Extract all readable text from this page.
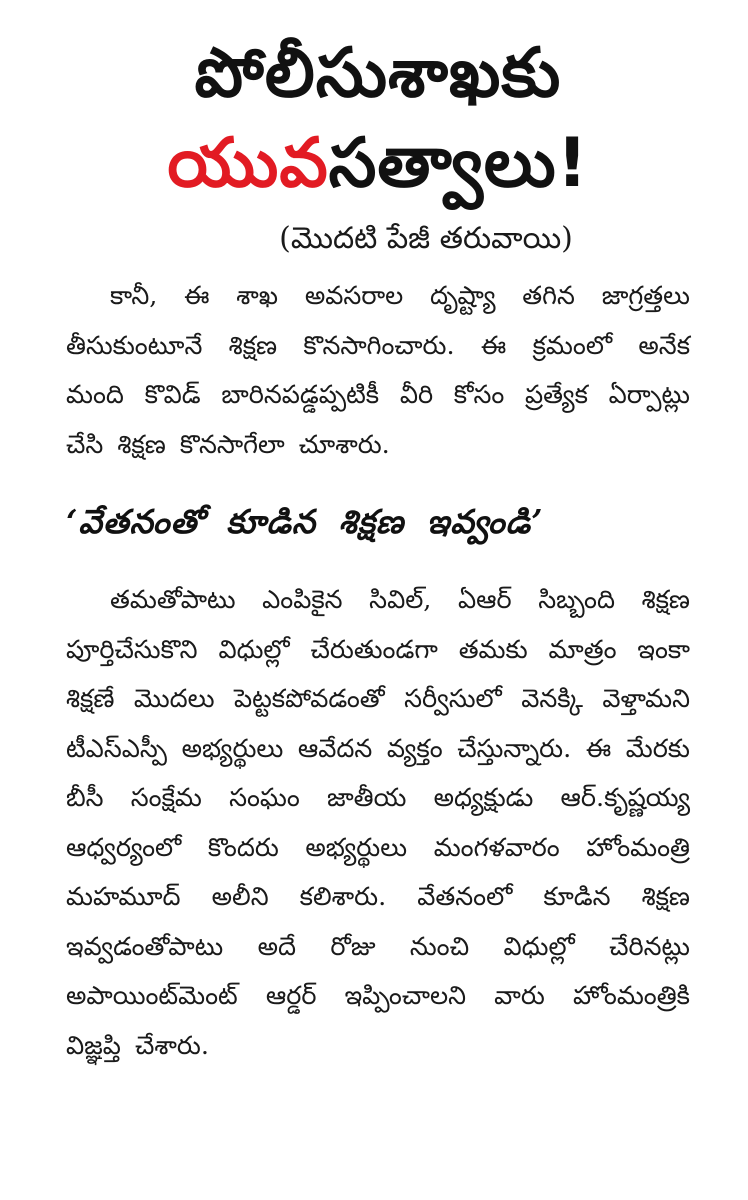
పోలీసుశాఖకు
యువసత్వాలు!
(మొదటి పేజీ తరువాయి)

కానీ, ఈ శాఖ అవసరాల దృష్ట్యా తగిన జాగ్రత్తలు తీసుకుంటూనే శిక్షణ కొనసాగించారు. ఈ క్రమంలో అనేక మంది కొవిడ్ బారినపడ్డప్పటికీ వీరి కోసం ప్రత్యేక ఏర్పాట్లు చేసి శిక్షణ కొనసాగేలా చూశారు.

‘వేతనంతో కూడిన శిక్షణ ఇవ్వండి’

తమతోపాటు ఎంపికైన సివిల్, ఏఆర్ సిబ్బంది శిక్షణ పూర్తిచేసుకొని విధుల్లో చేరుతుండగా తమకు మాత్రం ఇంకా శిక్షణే మొదలు పెట్టకపోవడంతో సర్వీసులో వెనక్కి వెళ్తామని టీఎస్ఎస్పీ అభ్యర్థులు ఆవేదన వ్యక్తం చేస్తున్నారు. ఈ మేరకు బీసీ సంక్షేమ సంఘం జాతీయ అధ్యక్షుడు ఆర్.కృష్ణయ్య ఆధ్వర్యంలో కొందరు అభ్యర్థులు మంగళవారం హోంమంత్రి మహమూద్ అలీని కలిశారు. వేతనంలో కూడిన శిక్షణ ఇవ్వడంతోపాటు అదే రోజు నుంచి విధుల్లో చేరినట్లు అపాయింట్‌మెంట్ ఆర్డర్ ఇప్పించాలని వారు హోంమంత్రికి విజ్ఞప్తి చేశారు.
